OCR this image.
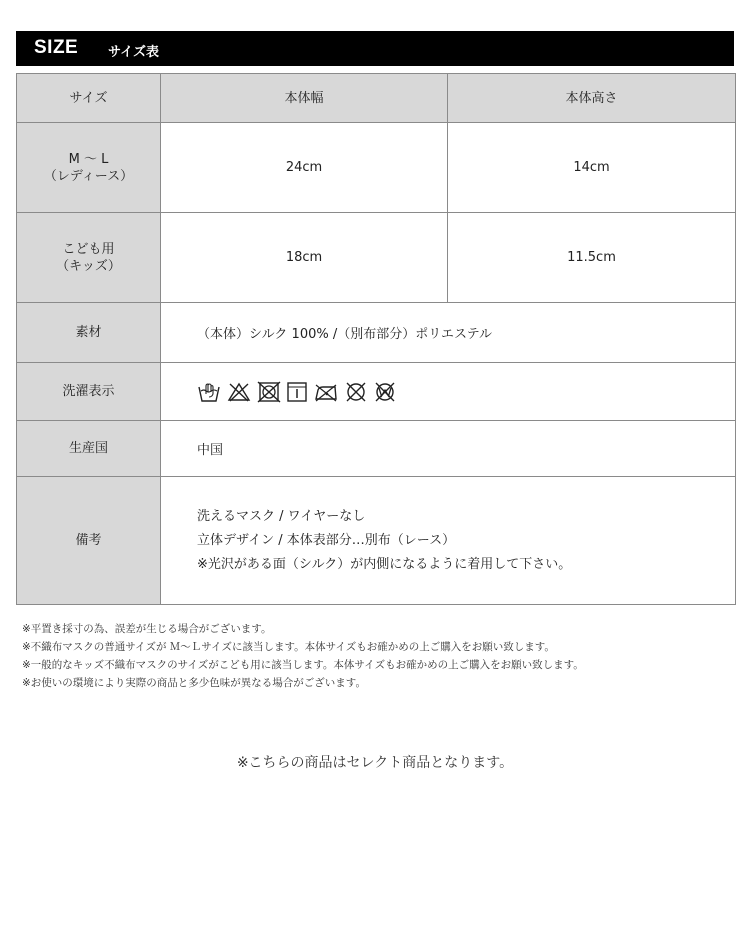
SIZE サイズ表
サイズ	本体幅	本体高さ

M ～ L
（レディース）	24cm	14cm

こども用
（キッズ）	18cm	11.5cm
素材	（本体）シルク 100% /（別布部分）ポリエステル	
洗濯表示	

生産国	中国	
備考	洗えるマスク / ワイヤーなし
立体デザイン / 本体表部分…別布（レース）
※光沢がある面（シルク）が内側になるように着用して下さい。	
※平置き採寸の為、誤差が生じる場合がございます。
※不織布マスクの普通サイズが Ｍ～Ｌサイズに該当します。本体サイズもお確かめの上ご購入をお願い致します。
※一般的なキッズ不織布マスクのサイズがこども用に該当します。本体サイズもお確かめの上ご購入をお願い致します。
※お使いの環境により実際の商品と多少色味が異なる場合がございます。
※こちらの商品はセレクト商品となります。
